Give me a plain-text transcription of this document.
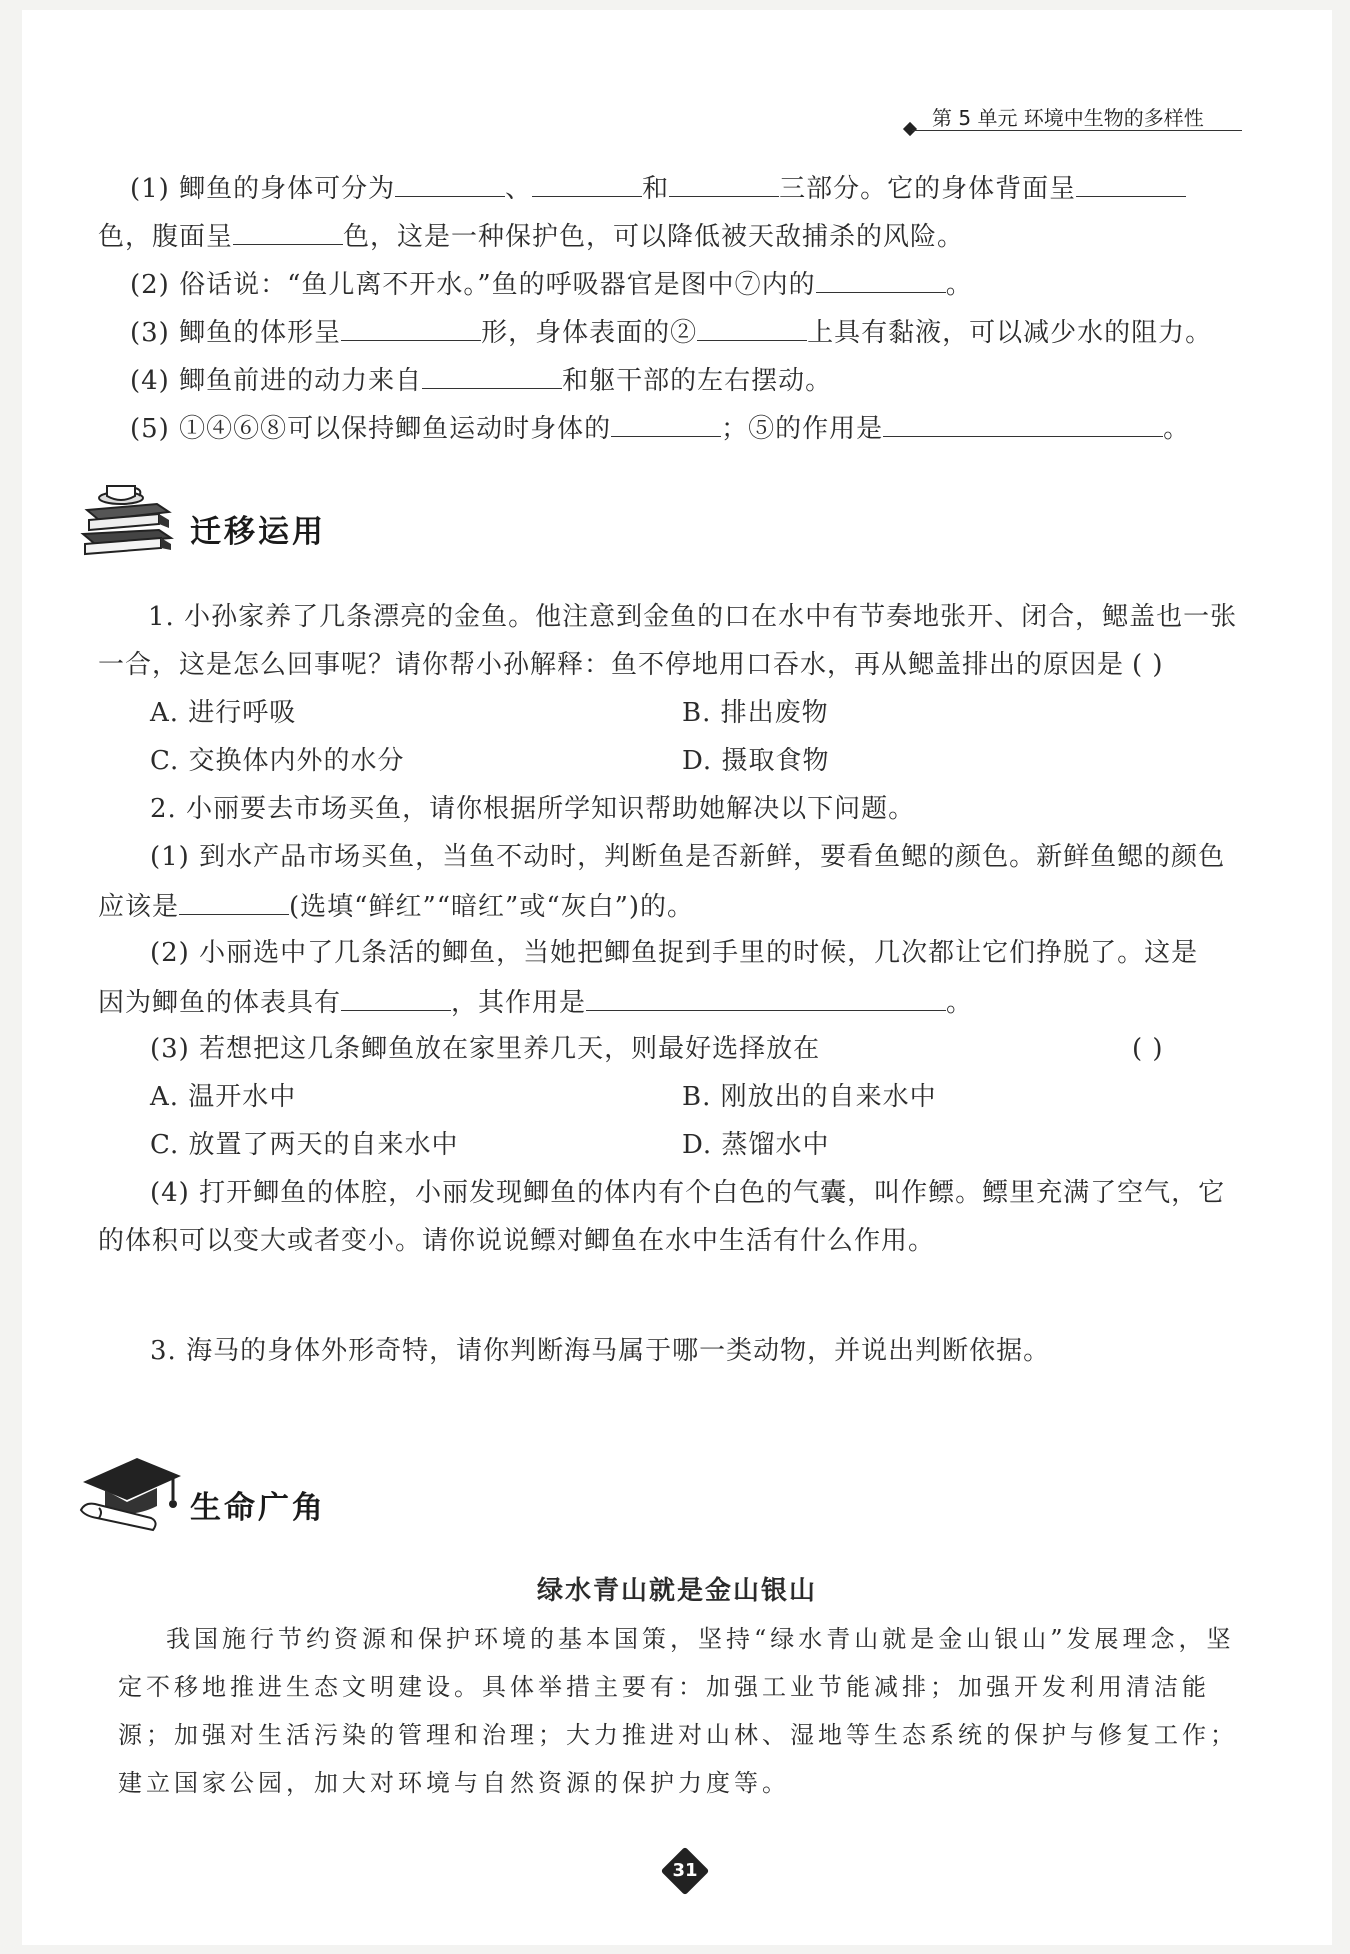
第 5 单元 环境中生物的多样性
(1) 鲫鱼的身体可分为	、	和	三部分。它的身体背面呈
色，腹面呈	色，这是一种保护色，可以降低被天敌捕杀的风险。
(2) 俗话说：“鱼儿离不开水。”鱼的呼吸器官是图中⑦内的	。
(3) 鲫鱼的体形呈	形，身体表面的②	上具有黏液，可以减少水的阻力。
(4) 鲫鱼前进的动力来自	和躯干部的左右摆动。
(5) ①④⑥⑧可以保持鲫鱼运动时身体的	；⑤的作用是	。
迁移运用
1. 小孙家养了几条漂亮的金鱼。他注意到金鱼的口在水中有节奏地张开、闭合，鳃盖也一张
一合，这是怎么回事呢？请你帮小孙解释：鱼不停地用口吞水，再从鳃盖排出的原因是 ( )
A. 进行呼吸	B. 排出废物
C. 交换体内外的水分	D. 摄取食物
2. 小丽要去市场买鱼，请你根据所学知识帮助她解决以下问题。
(1) 到水产品市场买鱼，当鱼不动时，判断鱼是否新鲜，要看鱼鳃的颜色。新鲜鱼鳃的颜色
应该是	(选填“鲜红”“暗红”或“灰白”)的。
(2) 小丽选中了几条活的鲫鱼，当她把鲫鱼捉到手里的时候，几次都让它们挣脱了。这是
因为鲫鱼的体表具有	，其作用是	。
(3) 若想把这几条鲫鱼放在家里养几天，则最好选择放在	( )
A. 温开水中	B. 刚放出的自来水中
C. 放置了两天的自来水中	D. 蒸馏水中
(4) 打开鲫鱼的体腔，小丽发现鲫鱼的体内有个白色的气囊，叫作鳔。鳔里充满了空气，它
的体积可以变大或者变小。请你说说鳔对鲫鱼在水中生活有什么作用。
3. 海马的身体外形奇特，请你判断海马属于哪一类动物，并说出判断依据。
生命广角
绿水青山就是金山银山
我国施行节约资源和保护环境的基本国策，坚持“绿水青山就是金山银山”发展理念，坚定不移地推进生态文明建设。具体举措主要有：加强工业节能减排；加强开发利用清洁能源；加强对生活污染的管理和治理；大力推进对山林、湿地等生态系统的保护与修复工作；建立国家公园，加大对环境与自然资源的保护力度等。
31
